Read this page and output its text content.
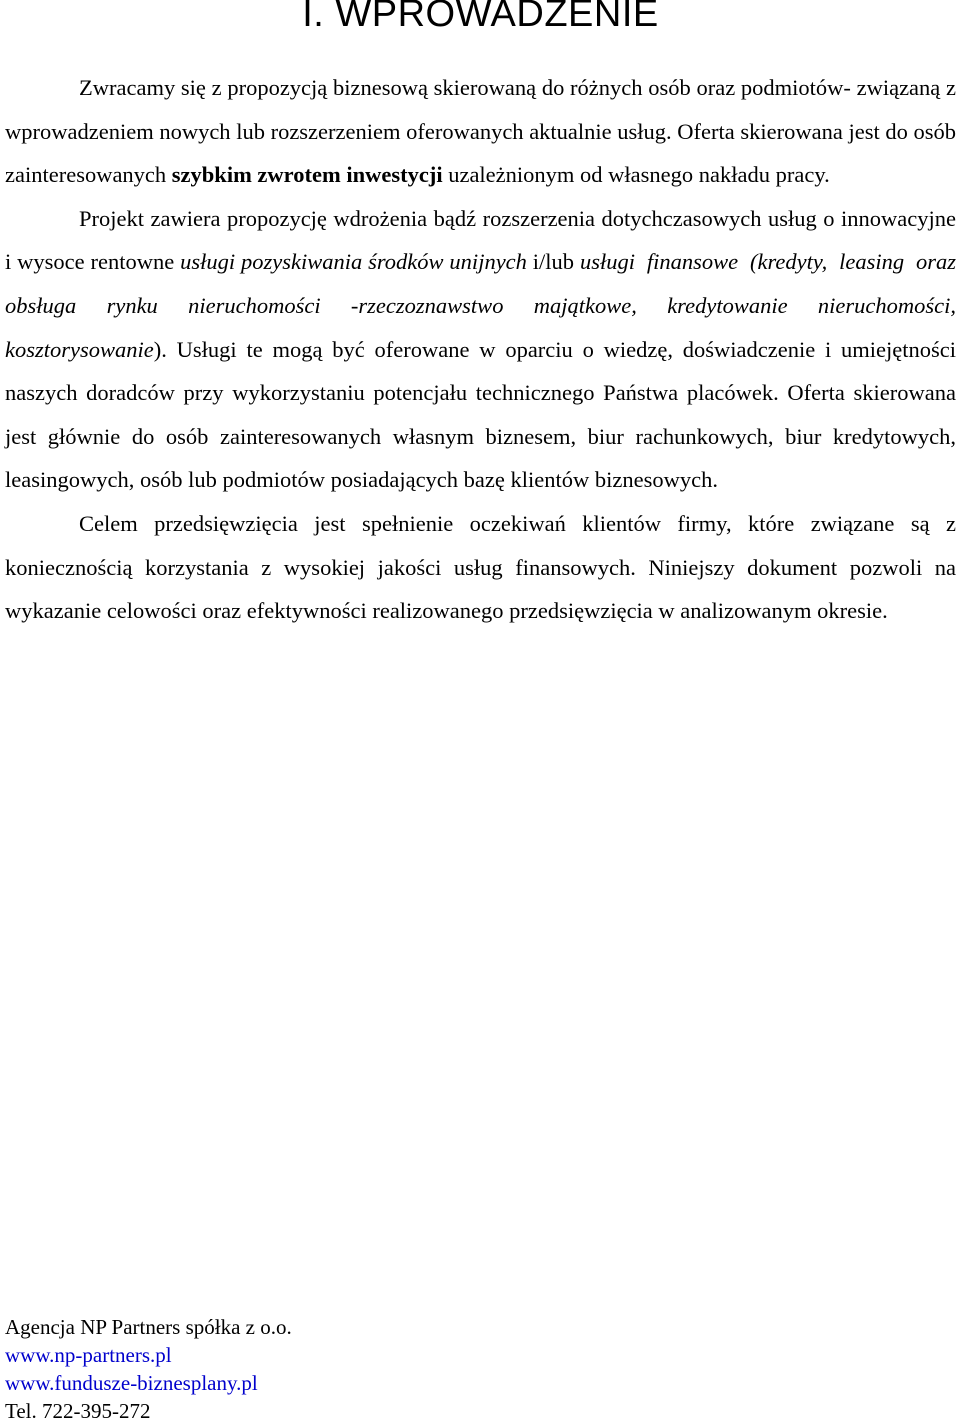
I. WPROWADZENIE

Zwracamy się z propozycją biznesową skierowaną do różnych osób oraz podmiotów- związaną z wprowadzeniem nowych lub rozszerzeniem oferowanych aktualnie usług. Oferta skierowana jest do osób zainteresowanych szybkim zwrotem inwestycji uzależnionym od własnego nakładu pracy.

Projekt zawiera propozycję wdrożenia bądź rozszerzenia dotychczasowych usług o innowacyjne i wysoce rentowne usługi pozyskiwania środków unijnych i/lub usługi finansowe (kredyty, leasing oraz obsługa rynku nieruchomości -rzeczoznawstwo majątkowe, kredytowanie nieruchomości, kosztorysowanie). Usługi te mogą być oferowane w oparciu o wiedzę, doświadczenie i umiejętności naszych doradców przy wykorzystaniu potencjału technicznego Państwa placówek. Oferta skierowana jest głównie do osób zainteresowanych własnym biznesem, biur rachunkowych, biur kredytowych, leasingowych, osób lub podmiotów posiadających bazę klientów biznesowych.

Celem przedsięwzięcia jest spełnienie oczekiwań klientów firmy, które związane są z koniecznością korzystania z wysokiej jakości usług finansowych. Niniejszy dokument pozwoli na wykazanie celowości oraz efektywności realizowanego przedsięwzięcia w analizowanym okresie.

Agencja NP Partners spółka z o.o.
www.np-partners.pl
www.fundusze-biznesplany.pl
Tel. 722-395-272
